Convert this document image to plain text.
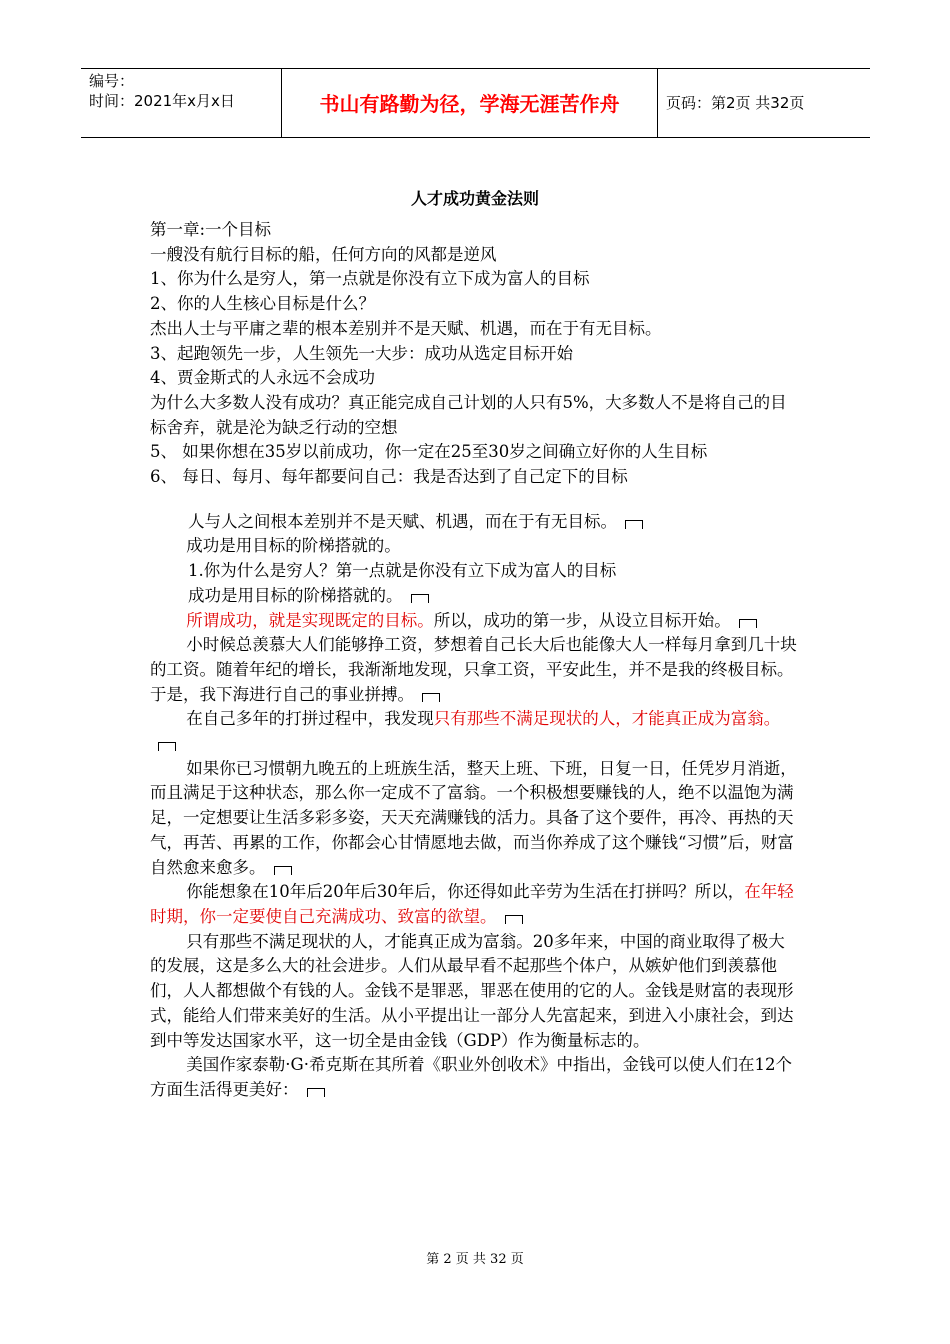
编号：
时间：2021年x月x日	书山有路勤为径，学海无涯苦作舟	页码：第2页 共32页
人才成功黄金法则

第一章:一个目标

一艘没有航行目标的船，任何方向的风都是逆风

1、你为什么是穷人，第一点就是你没有立下成为富人的目标

2、你的人生核心目标是什么？

杰出人士与平庸之辈的根本差别并不是天赋、机遇，而在于有无目标。

3、起跑领先一步，人生领先一大步：成功从选定目标开始

4、贾金斯式的人永远不会成功

为什么大多数人没有成功？真正能完成自己计划的人只有5%，大多数人不是将自己的目标舍弃，就是沦为缺乏行动的空想

5、 如果你想在35岁以前成功，你一定在25至30岁之间确立好你的人生目标

6、 每日、每月、每年都要问自己：我是否达到了自己定下的目标

人与人之间根本差别并不是天赋、机遇，而在于有无目标。

成功是用目标的阶梯搭就的。

1.你为什么是穷人？第一点就是你没有立下成为富人的目标

成功是用目标的阶梯搭就的。

所谓成功，就是实现既定的目标。所以，成功的第一步，从设立目标开始。

小时候总羡慕大人们能够挣工资，梦想着自己长大后也能像大人一样每月拿到几十块的工资。随着年纪的增长，我渐渐地发现，只拿工资，平安此生，并不是我的终极目标。于是，我下海进行自己的事业拼搏。

在自己多年的打拼过程中，我发现只有那些不满足现状的人，才能真正成为富翁。

如果你已习惯朝九晚五的上班族生活，整天上班、下班，日复一日，任凭岁月消逝，而且满足于这种状态，那么你一定成不了富翁。一个积极想要赚钱的人，绝不以温饱为满足，一定想要让生活多彩多姿，天天充满赚钱的活力。具备了这个要件，再冷、再热的天气，再苦、再累的工作，你都会心甘情愿地去做，而当你养成了这个赚钱“习惯”后，财富自然愈来愈多。

你能想象在10年后20年后30年后，你还得如此辛劳为生活在打拼吗？所以，在年轻时期，你一定要使自己充满成功、致富的欲望。

只有那些不满足现状的人，才能真正成为富翁。20多年来，中国的商业取得了极大的发展，这是多么大的社会进步。人们从最早看不起那些个体户，从嫉妒他们到羡慕他们，人人都想做个有钱的人。金钱不是罪恶，罪恶在使用的它的人。金钱是财富的表现形式，能给人们带来美好的生活。从小平提出让一部分人先富起来，到进入小康社会，到达到中等发达国家水平，这一切全是由金钱（GDP）作为衡量标志的。

美国作家泰勒·G·希克斯在其所着《职业外创收术》中指出，金钱可以使人们在12个方面生活得更美好：

第 2 页 共 32 页
